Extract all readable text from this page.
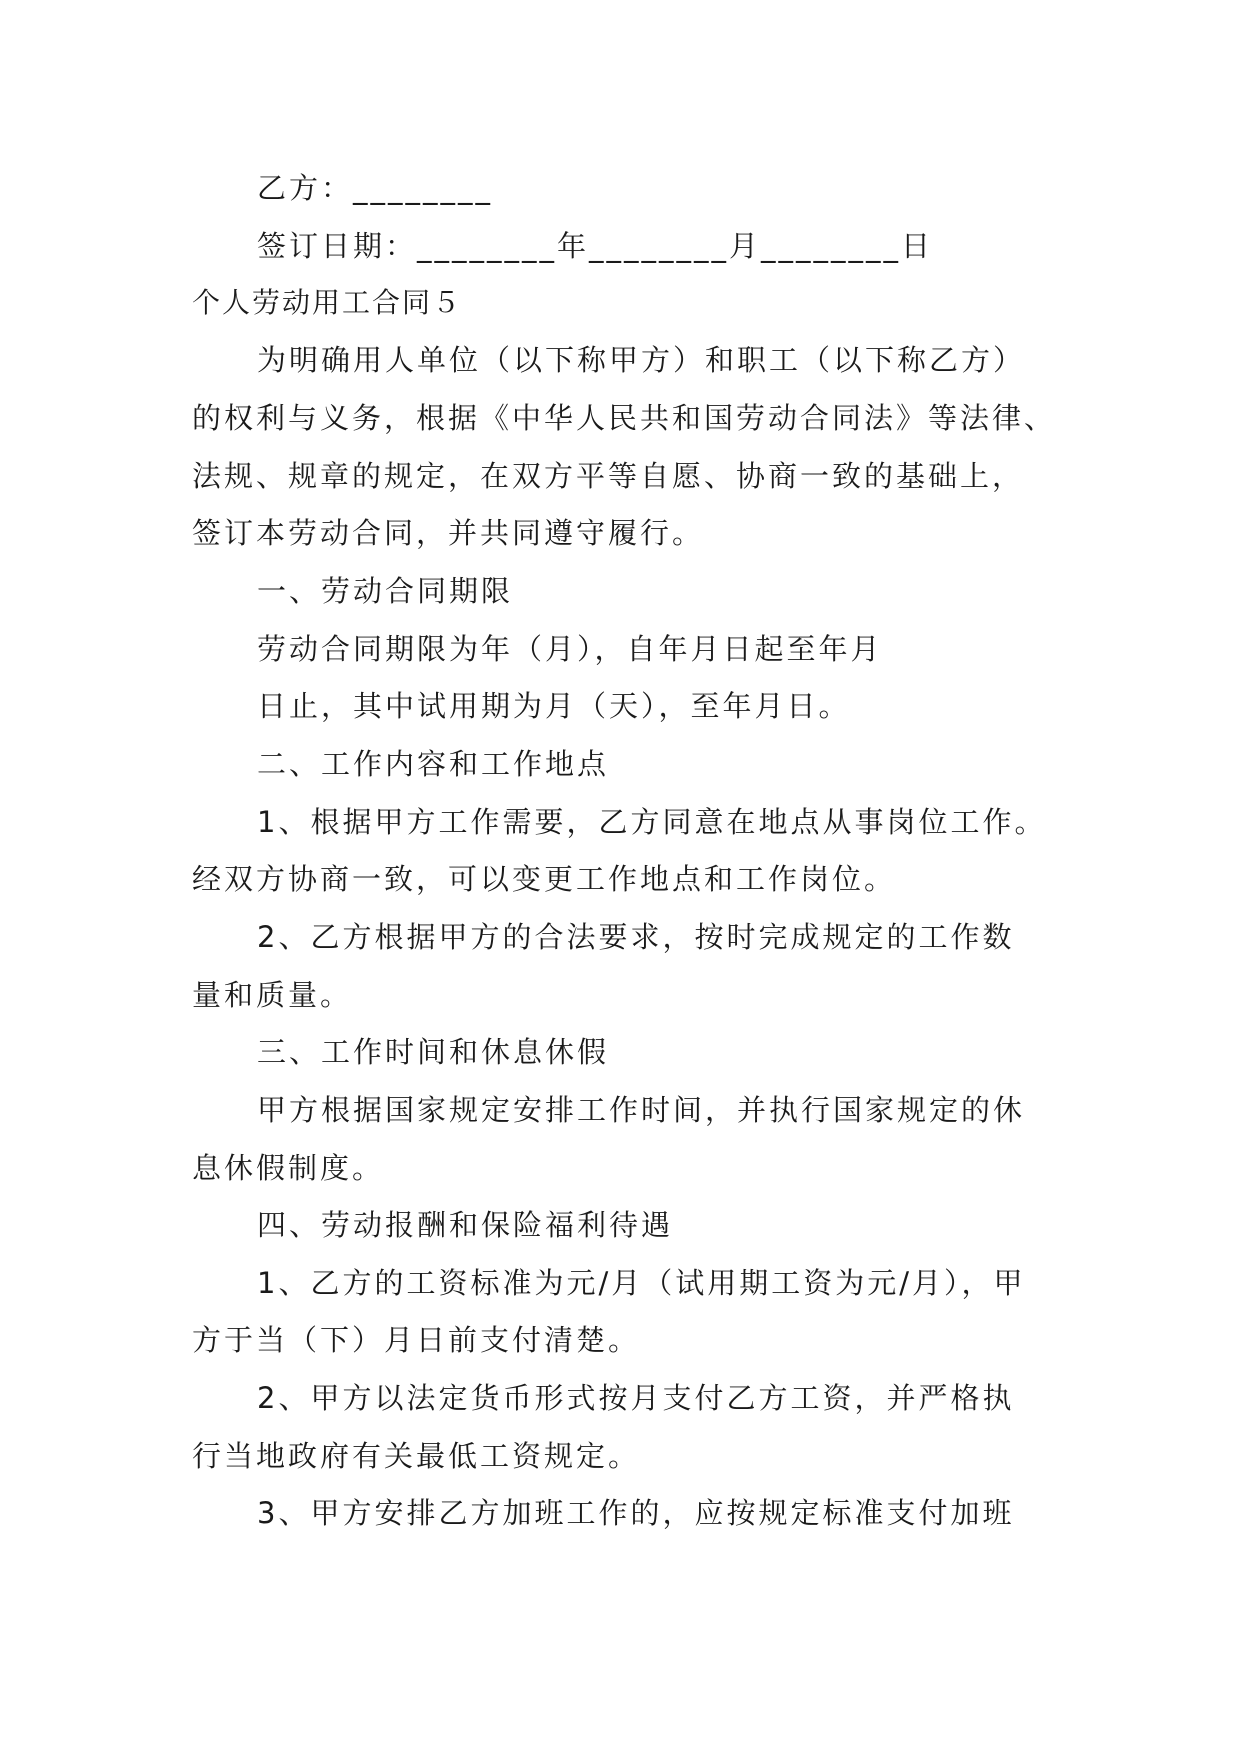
乙方：________
签订日期：________年________月________日
个人劳动用工合同５
为明确用人单位（以下称甲方）和职工（以下称乙方）
的权利与义务，根据《中华人民共和国劳动合同法》等法律、
法规、规章的规定，在双方平等自愿、协商一致的基础上，
签订本劳动合同，并共同遵守履行。
一、劳动合同期限
劳动合同期限为年（月），自年月日起至年月
日止，其中试用期为月（天），至年月日。
二、工作内容和工作地点
1、根据甲方工作需要，乙方同意在地点从事岗位工作。
经双方协商一致，可以变更工作地点和工作岗位。
2、乙方根据甲方的合法要求，按时完成规定的工作数
量和质量。
三、工作时间和休息休假
甲方根据国家规定安排工作时间，并执行国家规定的休
息休假制度。
四、劳动报酬和保险福利待遇
1、乙方的工资标准为元/月（试用期工资为元/月），甲
方于当（下）月日前支付清楚。
2、甲方以法定货币形式按月支付乙方工资，并严格执
行当地政府有关最低工资规定。
3、甲方安排乙方加班工作的，应按规定标准支付加班
